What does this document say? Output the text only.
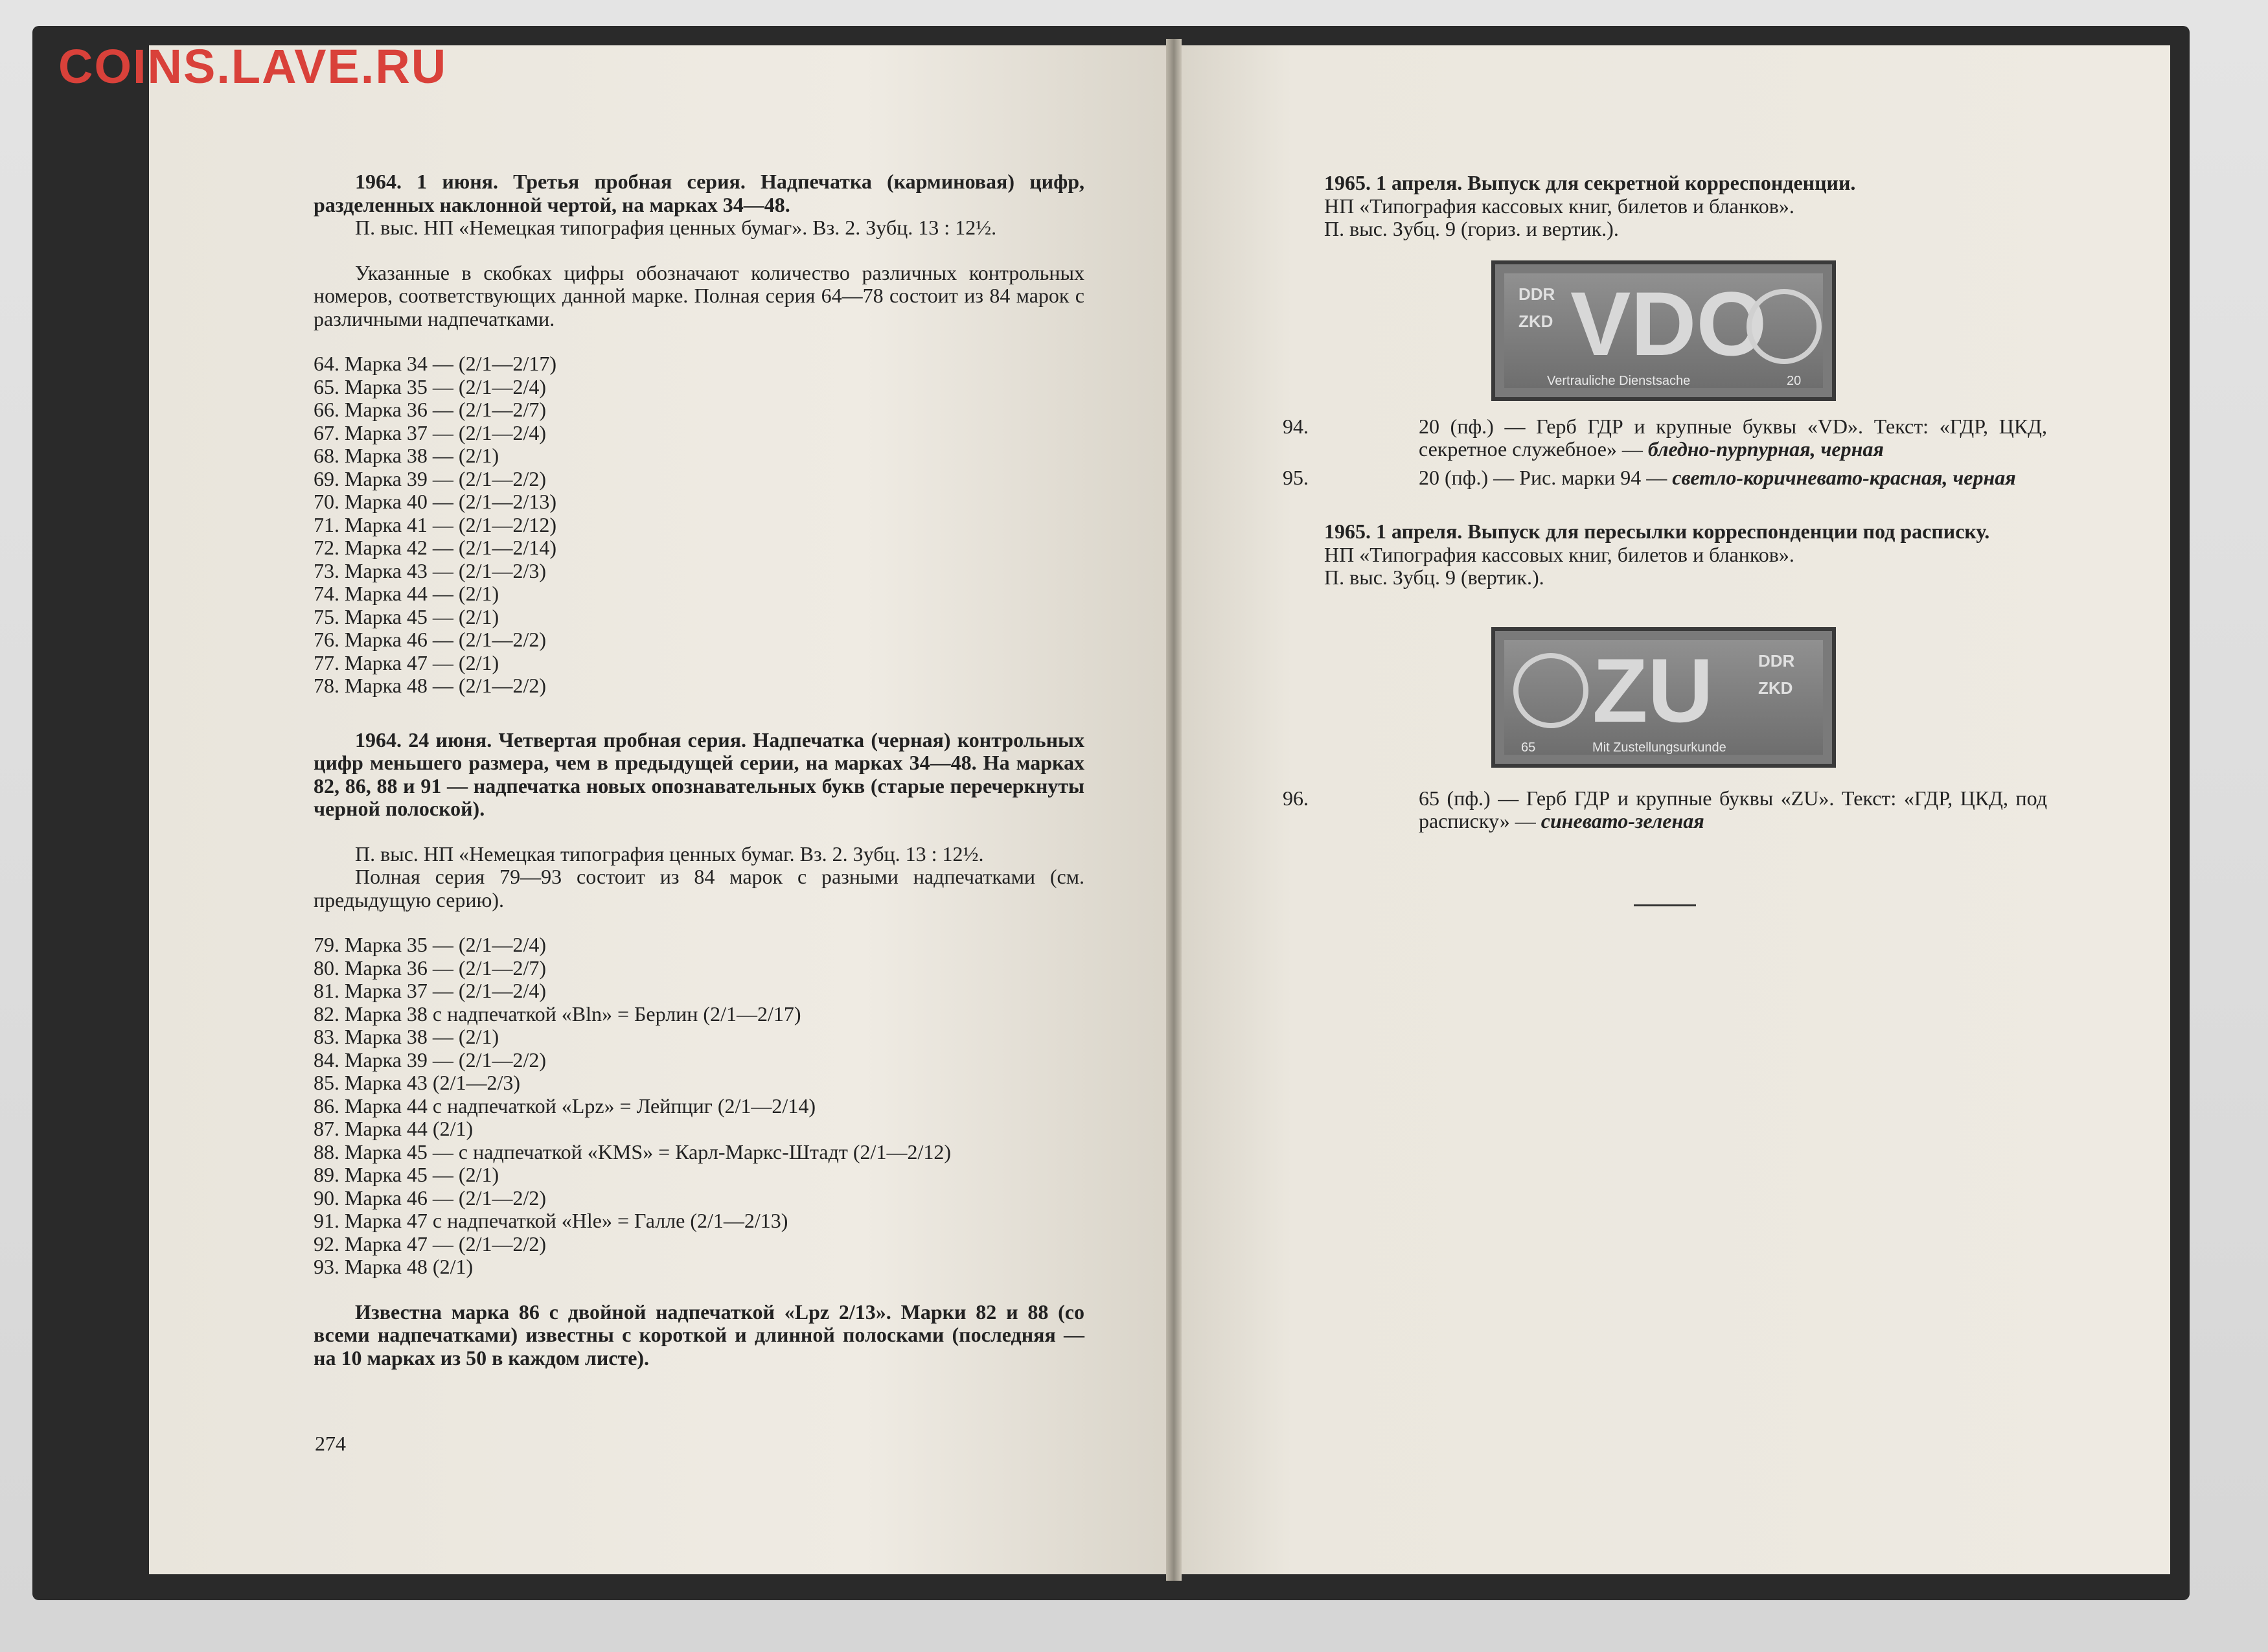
COINS.LAVE.RU

1964. 1 июня. Третья пробная серия. Надпечатка (карминовая) цифр, разделенных наклонной чертой, на марках 34—48.

П. выс. НП «Немецкая типография ценных бумаг». Вз. 2. Зубц. 13 : 12½.

Указанные в скобках цифры обозначают количество различных контрольных номеров, соответствующих данной марке. Полная серия 64—78 состоит из 84 марок с различными надпечатками.

64. Марка 34 — (2/1—2/17)
65. Марка 35 — (2/1—2/4)
66. Марка 36 — (2/1—2/7)
67. Марка 37 — (2/1—2/4)
68. Марка 38 — (2/1)
69. Марка 39 — (2/1—2/2)
70. Марка 40 — (2/1—2/13)
71. Марка 41 — (2/1—2/12)
72. Марка 42 — (2/1—2/14)
73. Марка 43 — (2/1—2/3)
74. Марка 44 — (2/1)
75. Марка 45 — (2/1)
76. Марка 46 — (2/1—2/2)
77. Марка 47 — (2/1)
78. Марка 48 — (2/1—2/2)

1964. 24 июня. Четвертая пробная серия. Надпечатка (черная) контрольных цифр меньшего размера, чем в предыдущей серии, на марках 34—48. На марках 82, 86, 88 и 91 — надпечатка новых опознавательных букв (старые перечеркнуты черной полоской).

П. выс. НП «Немецкая типография ценных бумаг. Вз. 2. Зубц. 13 : 12½.

Полная серия 79—93 состоит из 84 марок с разными надпечатками (см. предыдущую серию).

79. Марка 35 — (2/1—2/4)
80. Марка 36 — (2/1—2/7)
81. Марка 37 — (2/1—2/4)
82. Марка 38 с надпечаткой «Bln» = Берлин (2/1—2/17)
83. Марка 38 — (2/1)
84. Марка 39 — (2/1—2/2)
85. Марка 43 (2/1—2/3)
86. Марка 44 с надпечаткой «Lpz» = Лейпциг (2/1—2/14)
87. Марка 44 (2/1)
88. Марка 45 — с надпечаткой «KMS» = Карл-Маркс-Штадт (2/1—2/12)
89. Марка 45 — (2/1)
90. Марка 46 — (2/1—2/2)
91. Марка 47 с надпечаткой «Hle» = Галле (2/1—2/13)
92. Марка 47 — (2/1—2/2)
93. Марка 48 (2/1)

Известна марка 86 с двойной надпечаткой «Lpz 2/13». Марки 82 и 88 (со всеми надпечатками) известны с короткой и длинной полосками (последняя — на 10 марках из 50 в каждом листе).

274

1965. 1 апреля. Выпуск для секретной корреспонденции.

НП «Типография кассовых книг, билетов и бланков».

П. выс. Зубц. 9 (гориз. и вертик.).

DDR
ZKD VDO
Vertrauliche Dienstsache	20
94.	20 (пф.) — Герб ГДР и крупные буквы «VD». Текст: «ГДР, ЦКД, секретное служебное» — бледно-пурпурная, черная

95.	20 (пф.) — Рис. марки 94 — светло-коричневато-красная, черная

1965. 1 апреля. Выпуск для пересылки корреспонденции под расписку.

НП «Типография кассовых книг, билетов и бланков».

П. выс. Зубц. 9 (вертик.).

ZU	DDR
ZKD
65	Mit Zustellungsurkunde
96.	65 (пф.) — Герб ГДР и крупные буквы «ZU». Текст: «ГДР, ЦКД, под расписку» — синевато-зеленая
